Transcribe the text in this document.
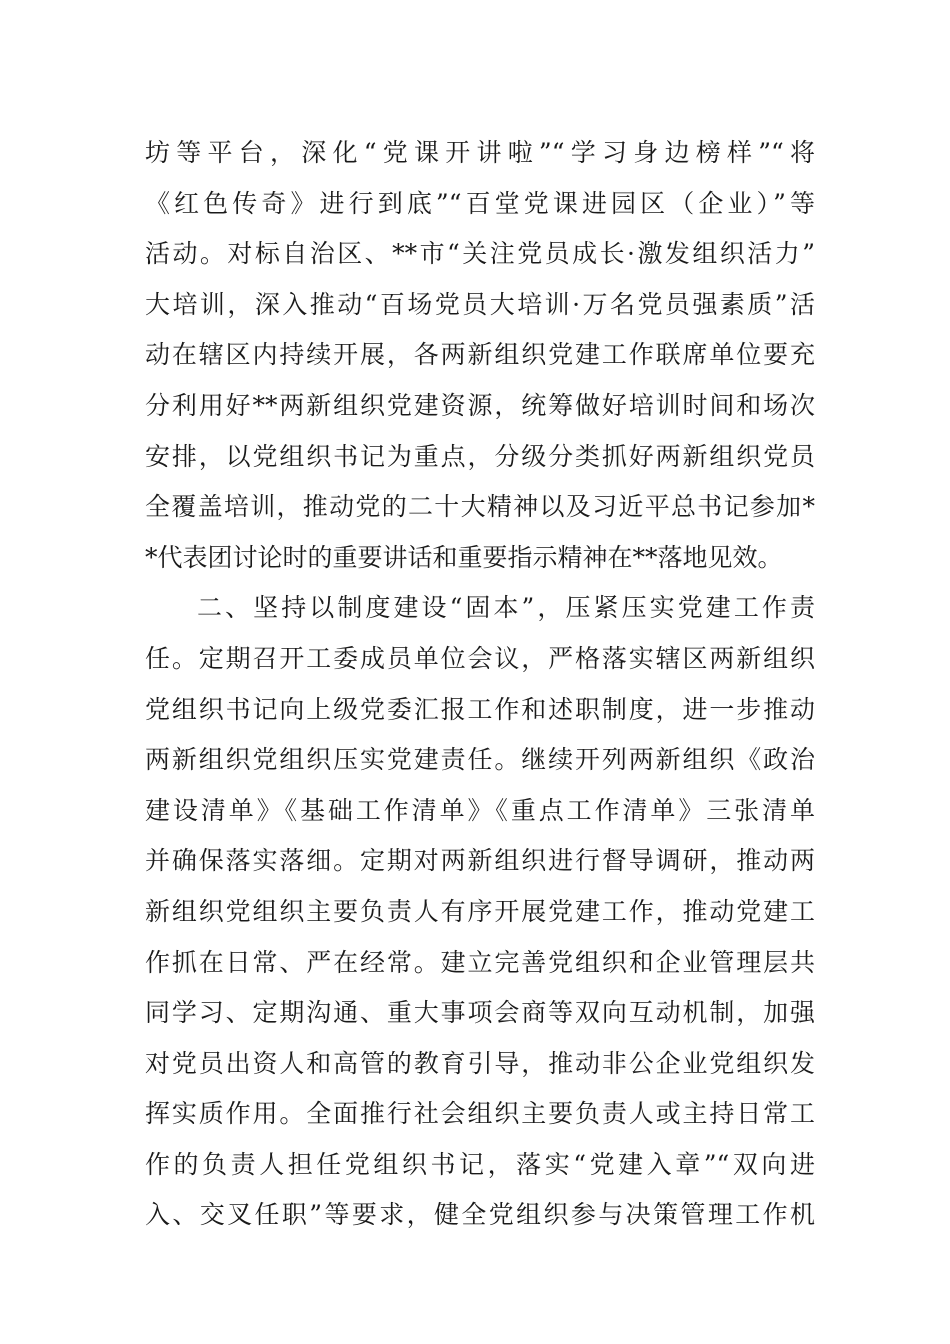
坊等平台，深化“党课开讲啦”“学习身边榜样”“将
《红色传奇》进行到底”“百堂党课进园区（企业）”等
活动。对标自治区、**市“关注党员成长·激发组织活力”
大培训，深入推动“百场党员大培训·万名党员强素质”活
动在辖区内持续开展，各两新组织党建工作联席单位要充
分利用好**两新组织党建资源，统筹做好培训时间和场次
安排，以党组织书记为重点，分级分类抓好两新组织党员
全覆盖培训，推动党的二十大精神以及习近平总书记参加*
*代表团讨论时的重要讲话和重要指示精神在**落地见效。
二、坚持以制度建设“固本”，压紧压实党建工作责
任。定期召开工委成员单位会议，严格落实辖区两新组织
党组织书记向上级党委汇报工作和述职制度，进一步推动
两新组织党组织压实党建责任。继续开列两新组织《政治
建设清单》《基础工作清单》《重点工作清单》三张清单
并确保落实落细。定期对两新组织进行督导调研，推动两
新组织党组织主要负责人有序开展党建工作，推动党建工
作抓在日常、严在经常。建立完善党组织和企业管理层共
同学习、定期沟通、重大事项会商等双向互动机制，加强
对党员出资人和高管的教育引导，推动非公企业党组织发
挥实质作用。全面推行社会组织主要负责人或主持日常工
作的负责人担任党组织书记，落实“党建入章”“双向进
入、交叉任职”等要求，健全党组织参与决策管理工作机
